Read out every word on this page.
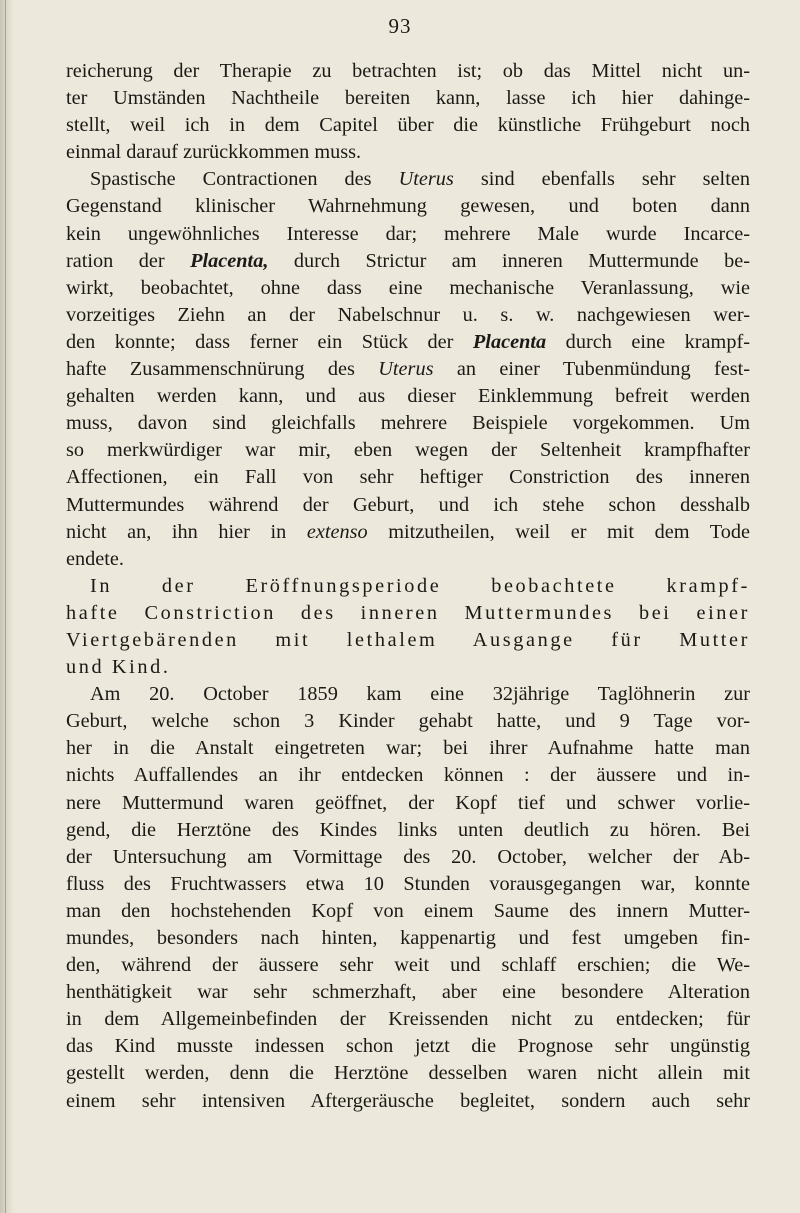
93
reicherung der Therapie zu betrachten ist; ob das Mittel nicht un-
ter Umständen Nachtheile bereiten kann, lasse ich hier dahinge-
stellt, weil ich in dem Capitel über die künstliche Frühgeburt noch
einmal darauf zurückkommen muss.
Spastische Contractionen des Uterus sind ebenfalls sehr selten
Gegenstand klinischer Wahrnehmung gewesen, und boten dann
kein ungewöhnliches Interesse dar; mehrere Male wurde Incarce-
ration der Placenta, durch Strictur am inneren Muttermunde be-
wirkt, beobachtet, ohne dass eine mechanische Veranlassung, wie
vorzeitiges Ziehn an der Nabelschnur u. s. w. nachgewiesen wer-
den konnte; dass ferner ein Stück der Placenta durch eine krampf-
hafte Zusammenschnürung des Uterus an einer Tubenmündung fest-
gehalten werden kann, und aus dieser Einklemmung befreit werden
muss, davon sind gleichfalls mehrere Beispiele vorgekommen. Um
so merkwürdiger war mir, eben wegen der Seltenheit krampfhafter
Affectionen, ein Fall von sehr heftiger Constriction des inneren
Muttermundes während der Geburt, und ich stehe schon desshalb
nicht an, ihn hier in extenso mitzutheilen, weil er mit dem Tode
endete.
In der Eröffnungsperiode beobachtete krampf-
hafte Constriction des inneren Muttermundes bei einer
Viertgebärenden mit lethalem Ausgange für Mutter
und Kind.
Am 20. October 1859 kam eine 32jährige Taglöhnerin zur
Geburt, welche schon 3 Kinder gehabt hatte, und 9 Tage vor-
her in die Anstalt eingetreten war; bei ihrer Aufnahme hatte man
nichts Auffallendes an ihr entdecken können : der äussere und in-
nere Muttermund waren geöffnet, der Kopf tief und schwer vorlie-
gend, die Herztöne des Kindes links unten deutlich zu hören. Bei
der Untersuchung am Vormittage des 20. October, welcher der Ab-
fluss des Fruchtwassers etwa 10 Stunden vorausgegangen war, konnte
man den hochstehenden Kopf von einem Saume des innern Mutter-
mundes, besonders nach hinten, kappenartig und fest umgeben fin-
den, während der äussere sehr weit und schlaff erschien; die We-
henthätigkeit war sehr schmerzhaft, aber eine besondere Alteration
in dem Allgemeinbefinden der Kreissenden nicht zu entdecken; für
das Kind musste indessen schon jetzt die Prognose sehr ungünstig
gestellt werden, denn die Herztöne desselben waren nicht allein mit
einem sehr intensiven Aftergeräusche begleitet, sondern auch sehr
